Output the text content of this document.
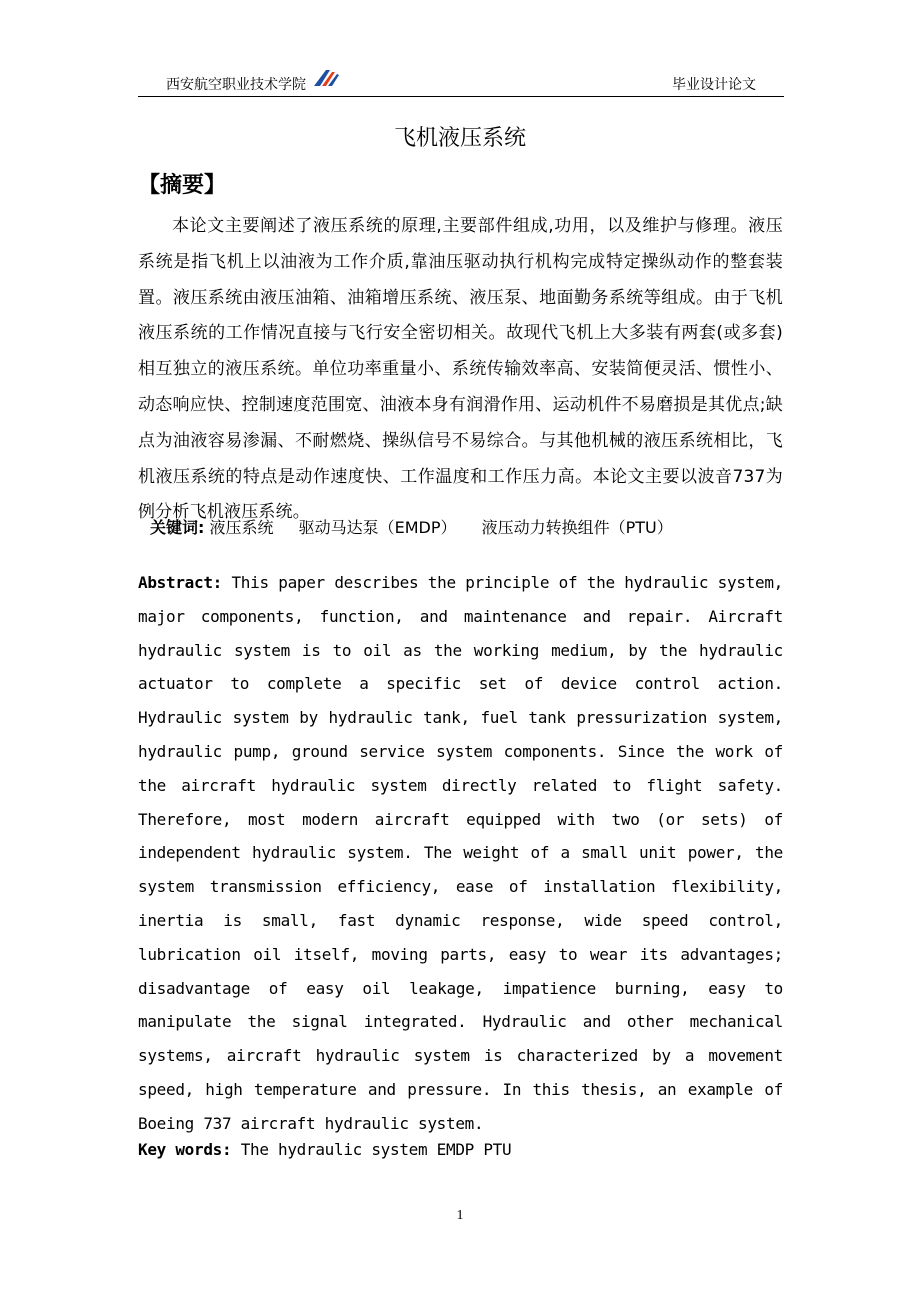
西安航空职业技术学院	毕业设计论文
飞机液压系统
【摘要】

本论文主要阐述了液压系统的原理,主要部件组成,功用，以及维护与修理。液压系统是指飞机上以油液为工作介质,靠油压驱动执行机构完成特定操纵动作的整套装置。液压系统由液压油箱、油箱增压系统、液压泵、地面勤务系统等组成。由于飞机液压系统的工作情况直接与飞行安全密切相关。故现代飞机上大多装有两套(或多套)相互独立的液压系统。单位功率重量小、系统传输效率高、安装简便灵活、惯性小、动态响应快、控制速度范围宽、油液本身有润滑作用、运动机件不易磨损是其优点;缺点为油液容易渗漏、不耐燃烧、操纵信号不易综合。与其他机械的液压系统相比，飞机液压系统的特点是动作速度快、工作温度和工作压力高。本论文主要以波音737为例分析飞机液压系统。

关键词: 液压系统 驱动马达泵（EMDP） 液压动力转换组件（PTU）
Abstract: This paper describes the principle of the hydraulic system, major components, function, and maintenance and repair. Aircraft hydraulic system is to oil as the working medium, by the hydraulic actuator to complete a specific set of device control action. Hydraulic system by hydraulic tank, fuel tank pressurization system, hydraulic pump, ground service system components. Since the work of the aircraft hydraulic system directly related to flight safety. Therefore, most modern aircraft equipped with two (or sets) of independent hydraulic system. The weight of a small unit power, the system transmission efficiency, ease of installation flexibility, inertia is small, fast dynamic response, wide speed control, lubrication oil itself, moving parts, easy to wear its advantages; disadvantage of easy oil leakage, impatience burning, easy to manipulate the signal integrated. Hydraulic and other mechanical systems, aircraft hydraulic system is characterized by a movement speed, high temperature and pressure. In this thesis, an example of Boeing 737 aircraft hydraulic system.
Key words: The hydraulic system EMDP PTU
1
